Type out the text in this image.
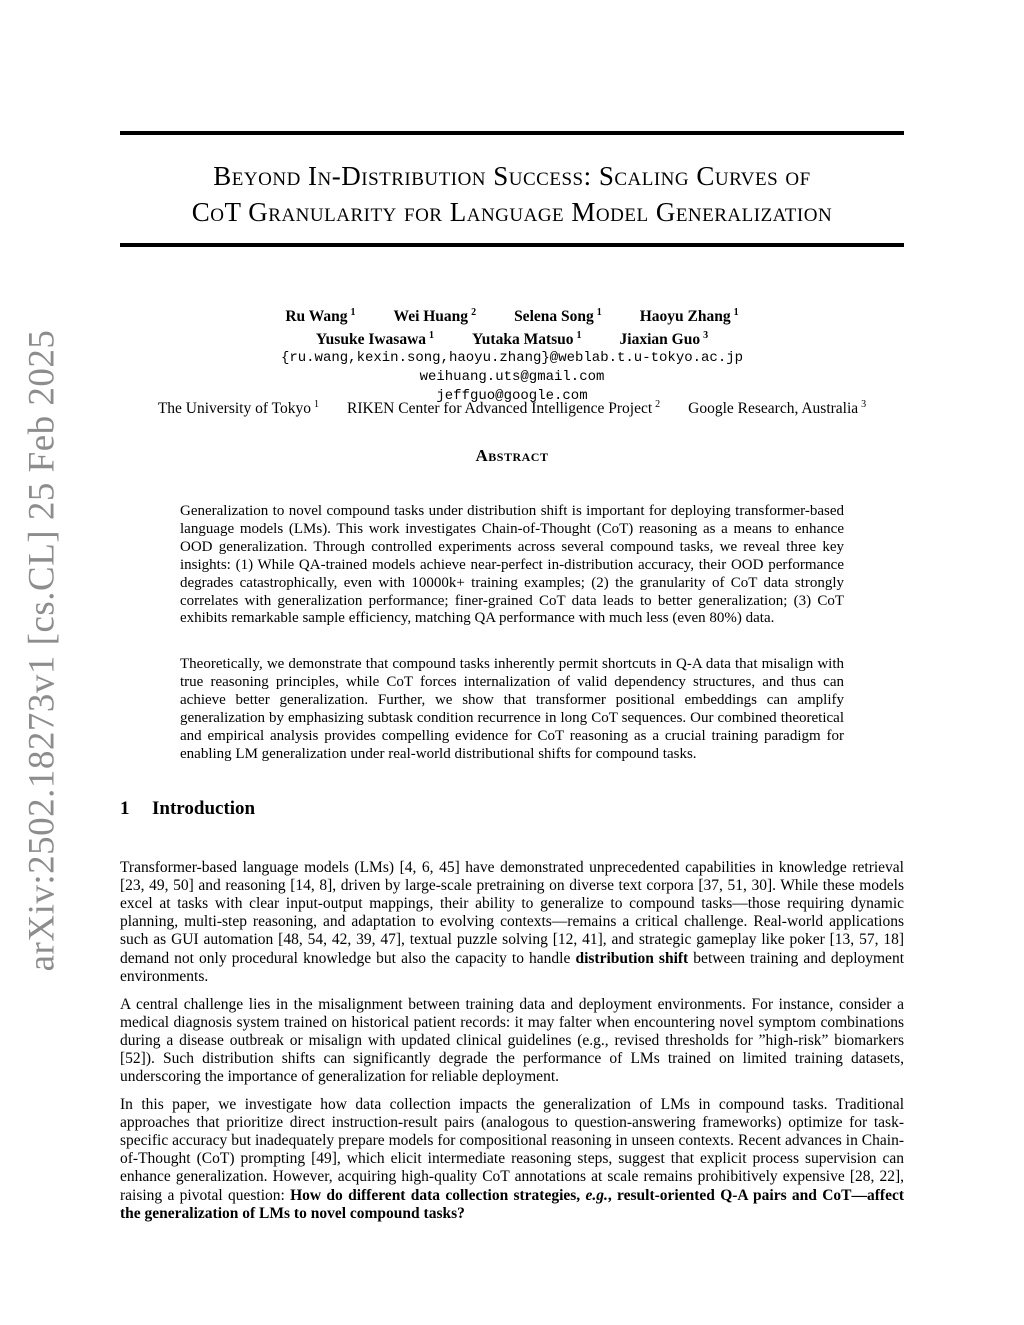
arXiv:2502.18273v1 [cs.CL] 25 Feb 2025
Beyond In-Distribution Success: Scaling Curves of
CoT Granularity for Language Model Generalization
Ru Wang $^1$ Wei Huang $^2$ Selena Song $^1$ Haoyu Zhang $^1$
Yusuke Iwasawa $^1$ Yutaka Matsuo $^1$ Jiaxian Guo $^3$
{ru.wang,kexin.song,haoyu.zhang}@weblab.t.u-tokyo.ac.jp
weihuang.uts@gmail.com
jeffguo@google.com
The University of Tokyo $^1$ RIKEN Center for Advanced Intelligence Project $^2$ Google Research, Australia $^3$
Abstract

Generalization to novel compound tasks under distribution shift is important for deploying transformer-based language models (LMs). This work investigates Chain-of-Thought (CoT) reasoning as a means to enhance OOD generalization. Through controlled experiments across several compound tasks, we reveal three key insights: (1) While QA-trained models achieve near-perfect in-distribution accuracy, their OOD performance degrades catastrophically, even with 10000k+ training examples; (2) the granularity of CoT data strongly correlates with generalization performance; finer-grained CoT data leads to better generalization; (3) CoT exhibits remarkable sample efficiency, matching QA performance with much less (even 80%) data.

Theoretically, we demonstrate that compound tasks inherently permit shortcuts in Q-A data that misalign with true reasoning principles, while CoT forces internalization of valid dependency structures, and thus can achieve better generalization. Further, we show that transformer positional embeddings can amplify generalization by emphasizing subtask condition recurrence in long CoT sequences. Our combined theoretical and empirical analysis provides compelling evidence for CoT reasoning as a crucial training paradigm for enabling LM generalization under real-world distributional shifts for compound tasks.

1 Introduction

Transformer-based language models (LMs) [4, 6, 45] have demonstrated unprecedented capabilities in knowledge retrieval [23, 49, 50] and reasoning [14, 8], driven by large-scale pretraining on diverse text corpora [37, 51, 30]. While these models excel at tasks with clear input-output mappings, their ability to generalize to compound tasks—those requiring dynamic planning, multi-step reasoning, and adaptation to evolving contexts—remains a critical challenge. Real-world applications such as GUI automation [48, 54, 42, 39, 47], textual puzzle solving [12, 41], and strategic gameplay like poker [13, 57, 18] demand not only procedural knowledge but also the capacity to handle distribution shift between training and deployment environments.

A central challenge lies in the misalignment between training data and deployment environments. For instance, consider a medical diagnosis system trained on historical patient records: it may falter when encountering novel symptom combinations during a disease outbreak or misalign with updated clinical guidelines (e.g., revised thresholds for ”high-risk” biomarkers [52]). Such distribution shifts can significantly degrade the performance of LMs trained on limited training datasets, underscoring the importance of generalization for reliable deployment.

In this paper, we investigate how data collection impacts the generalization of LMs in compound tasks. Traditional approaches that prioritize direct instruction-result pairs (analogous to question-answering frameworks) optimize for task-specific accuracy but inadequately prepare models for compositional reasoning in unseen contexts. Recent advances in Chain-of-Thought (CoT) prompting [49], which elicit intermediate reasoning steps, suggest that explicit process supervision can enhance generalization. However, acquiring high-quality CoT annotations at scale remains prohibitively expensive [28, 22], raising a pivotal question: How do different data collection strategies, e.g., result-oriented Q-A pairs and CoT—affect the generalization of LMs to novel compound tasks?
